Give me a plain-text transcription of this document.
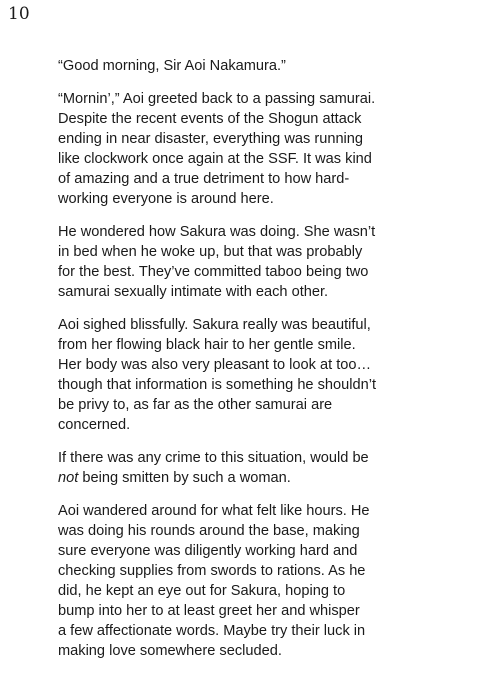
10

“Good morning, Sir Aoi Nakamura.”

“Mornin’,” Aoi greeted back to a passing samurai.
Despite the recent events of the Shogun attack
ending in near disaster, everything was running
like clockwork once again at the SSF. It was kind
of amazing and a true detriment to how hard-
working everyone is around here.

He wondered how Sakura was doing. She wasn’t
in bed when he woke up, but that was probably
for the best. They’ve committed taboo being two
samurai sexually intimate with each other.

Aoi sighed blissfully. Sakura really was beautiful,
from her flowing black hair to her gentle smile.
Her body was also very pleasant to look at too…
though that information is something he shouldn’t
be privy to, as far as the other samurai are
concerned.

If there was any crime to this situation, would be
not being smitten by such a woman.

Aoi wandered around for what felt like hours. He
was doing his rounds around the base, making
sure everyone was diligently working hard and
checking supplies from swords to rations. As he
did, he kept an eye out for Sakura, hoping to
bump into her to at least greet her and whisper
a few affectionate words. Maybe try their luck in
making love somewhere secluded.
